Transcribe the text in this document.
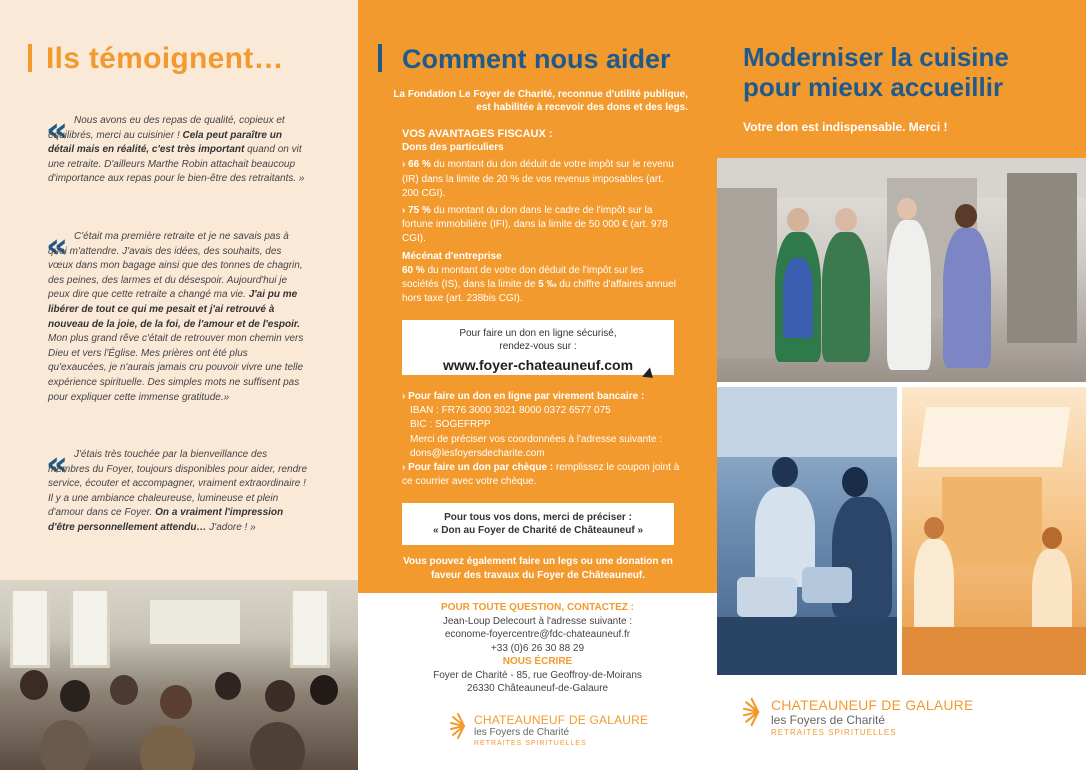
Ils témoignent…
« Nous avons eu des repas de qualité, copieux et équilibrés, merci au cuisinier ! Cela peut paraître un détail mais en réalité, c'est très important quand on vit une retraite. D'ailleurs Marthe Robin attachait beaucoup d'importance aux repas pour le bien-être des retraitants. »

« C'était ma première retraite et je ne savais pas à quoi m'attendre. J'avais des idées, des souhaits, des vœux dans mon bagage ainsi que des tonnes de chagrin, des peines, des larmes et du désespoir. Aujourd'hui je peux dire que cette retraite a changé ma vie. J'ai pu me libérer de tout ce qui me pesait et j'ai retrouvé à nouveau de la joie, de la foi, de l'amour et de l'espoir. Mon plus grand rêve c'était de retrouver mon chemin vers Dieu et vers l'Église. Mes prières ont été plus qu'exaucées, je n'aurais jamais cru pouvoir vivre une telle expérience spirituelle. Des simples mots ne suffisent pas pour expliquer cette immense gratitude.»

« J'étais très touchée par la bienveillance des membres du Foyer, toujours disponibles pour aider, rendre service, écouter et accompagner, vraiment extraordinaire ! Il y a une ambiance chaleureuse, lumineuse et plein d'amour dans ce Foyer. On a vraiment l'impression d'être personnellement attendu… J'adore ! »

Comment nous aider

La Fondation Le Foyer de Charité, reconnue d'utilité publique, est habilitée à recevoir des dons et des legs.

VOS AVANTAGES FISCAUX :
Dons des particuliers
› 66 % du montant du don déduit de votre impôt sur le revenu (IR) dans la limite de 20 % de vos revenus imposables (art. 200 CGI).
› 75 % du montant du don dans le cadre de l'impôt sur la fortune immobilière (IFI), dans la limite de 50 000 € (art. 978 CGI).
Mécénat d'entreprise
60 % du montant de votre don déduit de l'impôt sur les sociétés (IS), dans la limite de 5 ‰ du chiffre d'affaires annuel hors taxe (art. 238bis CGI).
Pour faire un don en ligne sécurisé,
rendez-vous sur :
www.foyer-chateauneuf.com
› Pour faire un don en ligne par virement bancaire :
IBAN : FR76 3000 3021 8000 0372 6577 075
BIC : SOGEFRPP
Merci de préciser vos coordonnées à l'adresse suivante : dons@lesfoyersdecharite.com
› Pour faire un don par chèque : remplissez le coupon joint à ce courrier avec votre chèque.
Pour tous vos dons, merci de préciser :
« Don au Foyer de Charité de Châteauneuf »

Vous pouvez également faire un legs ou une donation en faveur des travaux du Foyer de Châteauneuf.

POUR TOUTE QUESTION, CONTACTEZ :
Jean-Loup Delecourt à l'adresse suivante :
econome-foyercentre@fdc-chateauneuf.fr
+33 (0)6 26 30 88 29
NOUS ÉCRIRE
Foyer de Charité - 85, rue Geoffroy-de-Moirans
26330 Châteauneuf-de-Galaure
CHATEAUNEUF DE GALAURE
les Foyers de Charité
RETRAITES SPIRITUELLES
Moderniser la cuisine pour mieux accueillir

Votre don est indispensable. Merci !

CHATEAUNEUF DE GALAURE
les Foyers de Charité
RETRAITES SPIRITUELLES
